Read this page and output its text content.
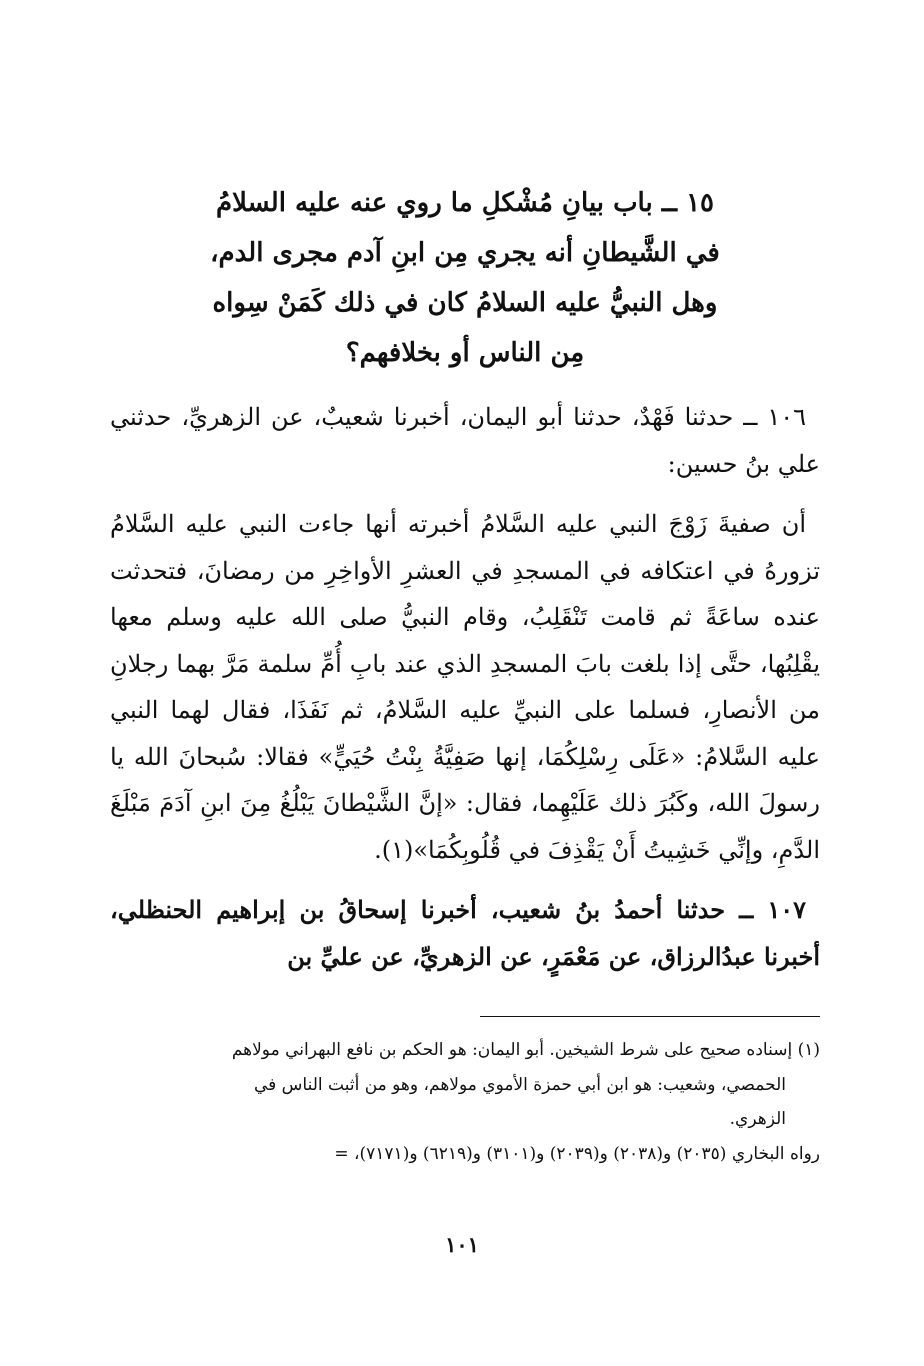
١٥ ــ باب بيانِ مُشْكلِ ما روي عنه عليه السلامُ
في الشَّيطانِ أنه يجري مِن ابنِ آدم مجرى الدم،
وهل النبيُّ عليه السلامُ كان في ذلك كَمَنْ سِواه
مِن الناس أو بخلافهم؟
١٠٦ ــ حدثنا فَهْدٌ، حدثنا أبو اليمان، أخبرنا شعيبٌ، عن الزهريِّ، حدثني علي بنُ حسين:
أن صفيةَ زَوْجَ النبي عليه السَّلامُ أخبرته أنها جاءت النبي عليه السَّلامُ تزورهُ في اعتكافه في المسجدِ في العشرِ الأواخِرِ من رمضانَ، فتحدثت عنده ساعَةً ثم قامت تَنْقَلِبُ، وقام النبيُّ صلى الله عليه وسلم معها يقْلِبُها، حتَّى إذا بلغت بابَ المسجدِ الذي عند بابِ أُمِّ سلمة مَرَّ بهما رجلانِ من الأنصارِ، فسلما على النبيِّ عليه السَّلامُ، ثم نَفَذَا، فقال لهما النبي عليه السَّلامُ: «عَلَى رِسْلِكُمَا، إنها صَفِيَّةُ بِنْتُ حُيَيٍّ» فقالا: سُبحانَ الله يا رسولَ الله، وكَبُرَ ذلك عَلَيْهِما، فقال: «إنَّ الشَّيْطانَ يَبْلُغُ مِنَ ابنِ آدَمَ مَبْلَغَ الدَّمِ، وإنِّي خَشِيتُ أَنْ يَقْذِفَ في قُلُوبِكُمَا»(١).
١٠٧ ــ حدثنا أحمدُ بنُ شعيب، أخبرنا إسحاقُ بن إبراهيم الحنظلي، أخبرنا عبدُالرزاق، عن مَعْمَرٍ، عن الزهريِّ، عن عليِّ بن
(١) إسناده صحيح على شرط الشيخين. أبو اليمان: هو الحكم بن نافع البهراني مولاهم
الحمصي، وشعيب: هو ابن أبي حمزة الأموي مولاهم، وهو من أثبت الناس في
الزهري.
رواه البخاري (٢٠٣٥) و(٢٠٣٨) و(٢٠٣٩) و(٣١٠١) و(٦٢١٩) و(٧١٧١)، =
١٠١
